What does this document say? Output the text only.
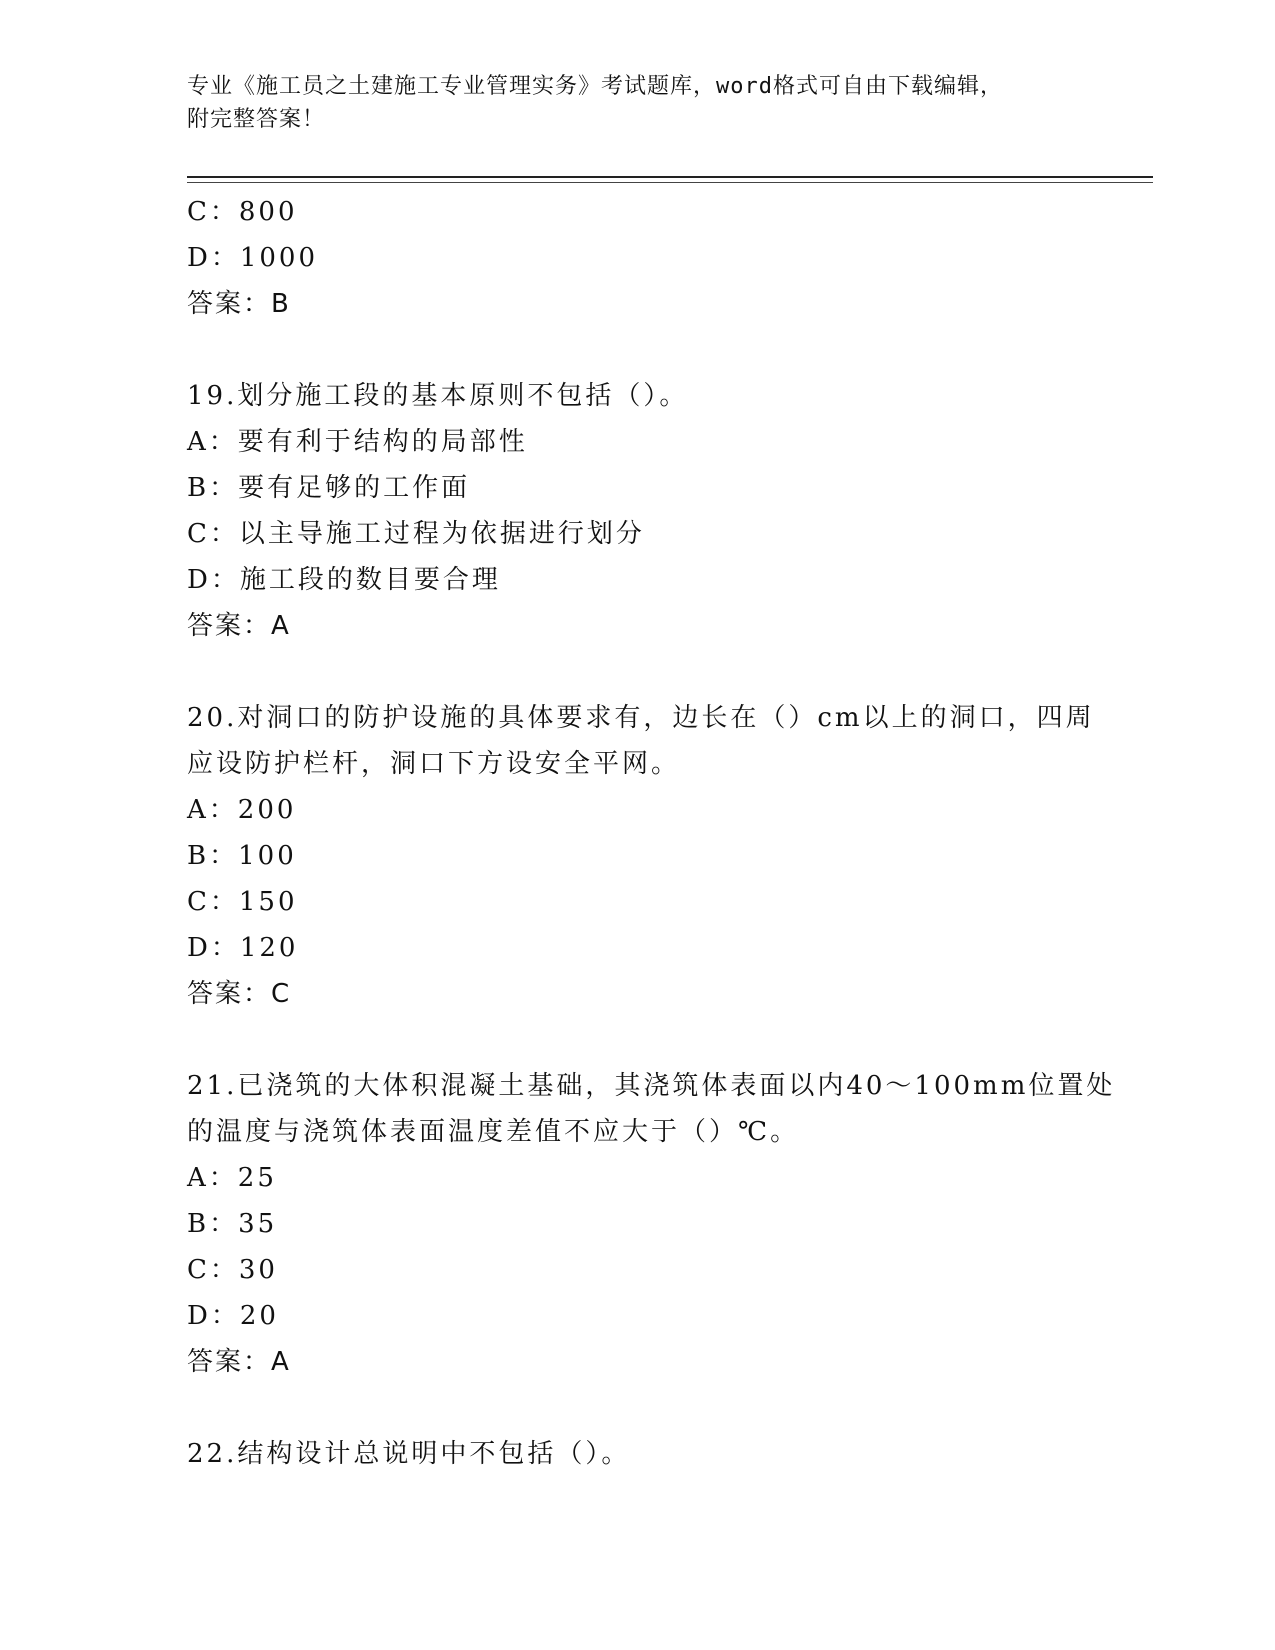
专业《施工员之土建施工专业管理实务》考试题库，word格式可自由下载编辑，
附完整答案！
C：800
D：1000
答案：B
19.划分施工段的基本原则不包括（）。
A：要有利于结构的局部性
B：要有足够的工作面
C：以主导施工过程为依据进行划分
D：施工段的数目要合理
答案：A
20.对洞口的防护设施的具体要求有，边长在（）cm以上的洞口，四周
应设防护栏杆，洞口下方设安全平网。
A：200
B：100
C：150
D：120
答案：C
21.已浇筑的大体积混凝土基础，其浇筑体表面以内40～100mm位置处
的温度与浇筑体表面温度差值不应大于（）℃。
A：25
B：35
C：30
D：20
答案：A
22.结构设计总说明中不包括（）。
